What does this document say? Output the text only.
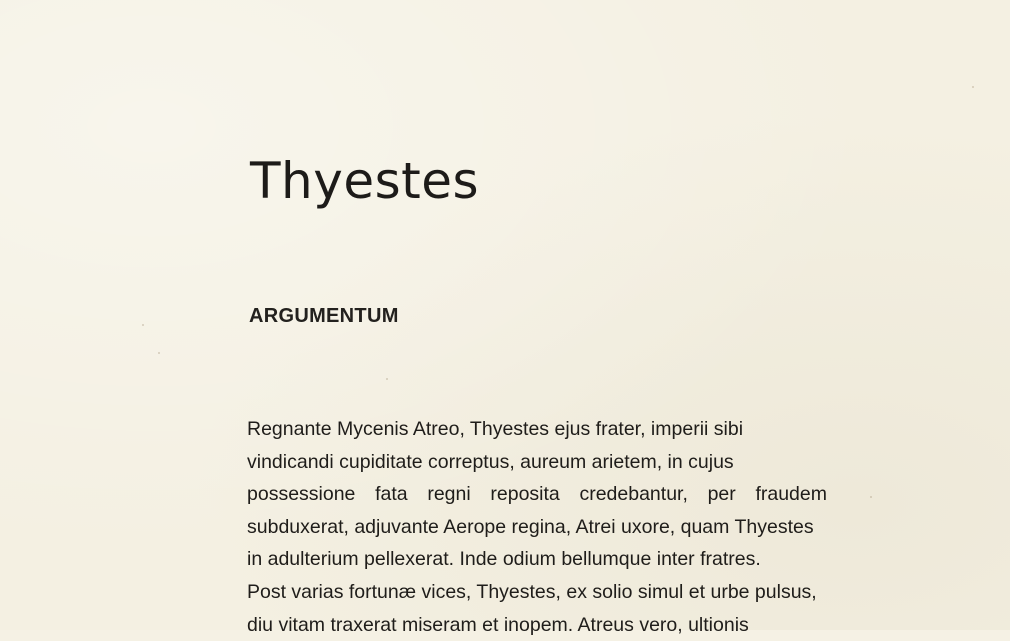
Thyestes
ARGUMENTUM
Regnante Mycenis Atreo, Thyestes ejus frater, imperii sibi
vindicandi cupiditate correptus, aureum arietem, in cujus
possessione fata regni reposita credebantur, per fraudem
subduxerat, adjuvante Aerope regina, Atrei uxore, quam Thyestes
in adulterium pellexerat. Inde odium bellumque inter fratres.
Post varias fortunæ vices, Thyestes, ex solio simul et urbe pulsus,
diu vitam traxerat miseram et inopem. Atreus vero, ultionis
